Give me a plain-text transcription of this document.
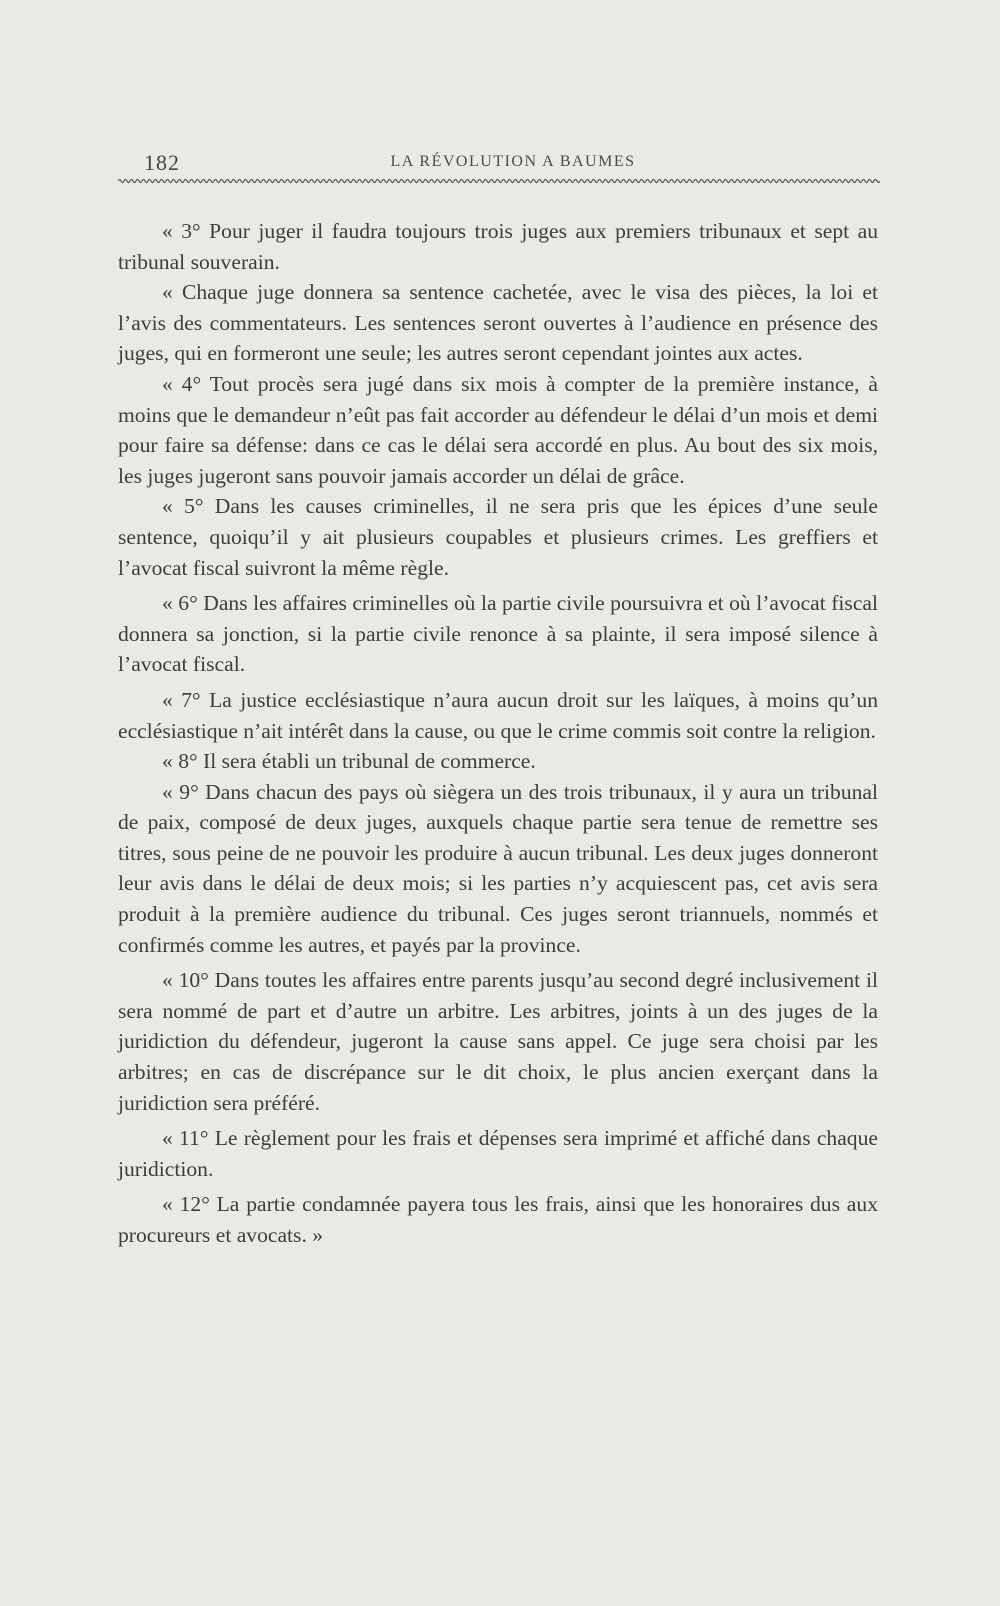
182	LA RÉVOLUTION A BAUMES

« 3° Pour juger il faudra toujours trois juges aux premiers tribunaux et sept au tribunal souverain.

« Chaque juge donnera sa sentence cachetée, avec le visa des pièces, la loi et l’avis des commentateurs. Les sentences seront ouvertes à l’audience en présence des juges, qui en formeront une seule; les autres seront cependant jointes aux actes.

« 4° Tout procès sera jugé dans six mois à compter de la première instance, à moins que le demandeur n’eût pas fait accorder au défendeur le délai d’un mois et demi pour faire sa défense: dans ce cas le délai sera accordé en plus. Au bout des six mois, les juges jugeront sans pouvoir jamais accorder un délai de grâce.

« 5° Dans les causes criminelles, il ne sera pris que les épices d’une seule sentence, quoiqu’il y ait plusieurs coupables et plusieurs crimes. Les greffiers et l’avocat fiscal suivront la même règle.

« 6° Dans les affaires criminelles où la partie civile poursuivra et où l’avocat fiscal donnera sa jonction, si la partie civile renonce à sa plainte, il sera imposé silence à l’avocat fiscal.

« 7° La justice ecclésiastique n’aura aucun droit sur les laïques, à moins qu’un ecclésiastique n’ait intérêt dans la cause, ou que le crime commis soit contre la religion.

« 8° Il sera établi un tribunal de commerce.

« 9° Dans chacun des pays où siègera un des trois tribunaux, il y aura un tribunal de paix, composé de deux juges, auxquels chaque partie sera tenue de remettre ses titres, sous peine de ne pouvoir les produire à aucun tribunal. Les deux juges donneront leur avis dans le délai de deux mois; si les parties n’y acquiescent pas, cet avis sera produit à la première audience du tribunal. Ces juges seront triannuels, nommés et confirmés comme les autres, et payés par la province.

« 10° Dans toutes les affaires entre parents jusqu’au second degré inclusivement il sera nommé de part et d’autre un arbitre. Les arbitres, joints à un des juges de la juridiction du défendeur, jugeront la cause sans appel. Ce juge sera choisi par les arbitres; en cas de discrépance sur le dit choix, le plus ancien exerçant dans la juridiction sera préféré.

« 11° Le règlement pour les frais et dépenses sera imprimé et affiché dans chaque juridiction.

« 12° La partie condamnée payera tous les frais, ainsi que les honoraires dus aux procureurs et avocats. »
